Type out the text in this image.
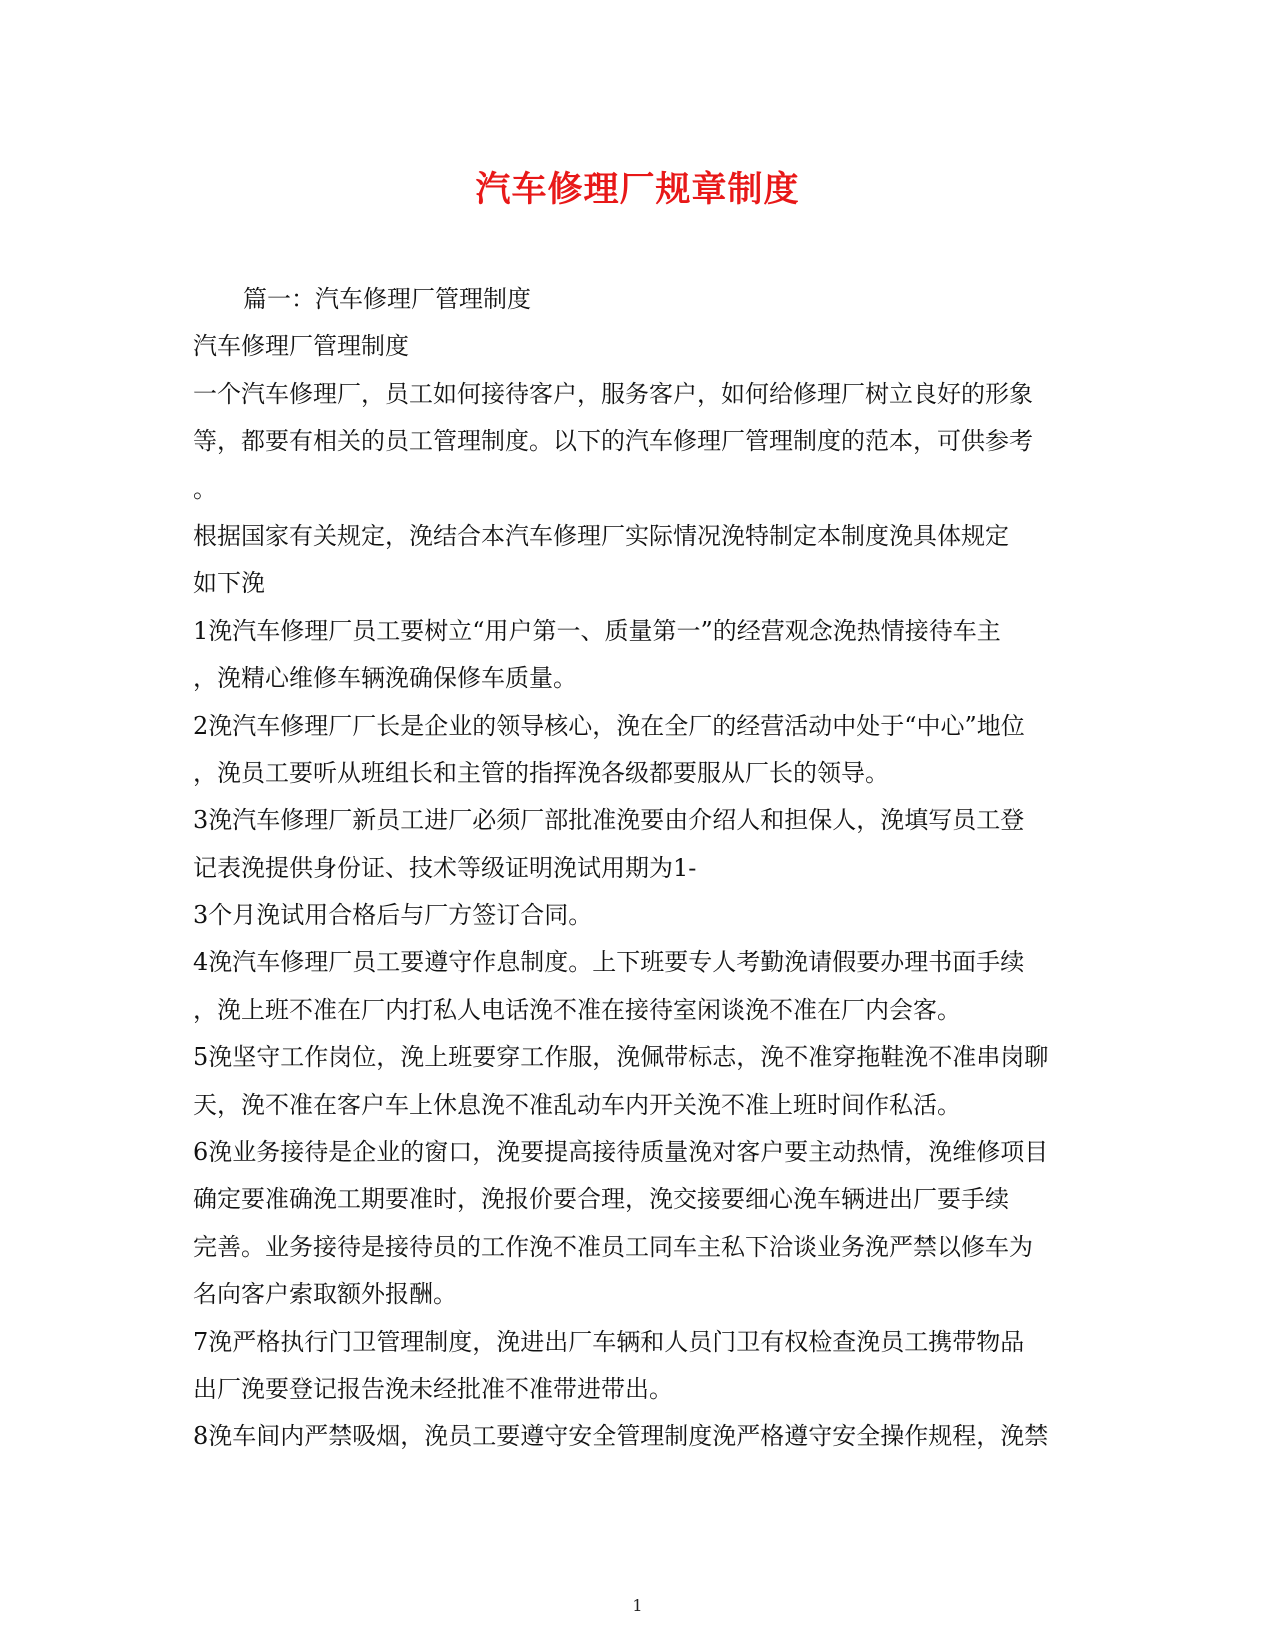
汽车修理厂规章制度
篇一：汽车修理厂管理制度
汽车修理厂管理制度
一个汽车修理厂，员工如何接待客户，服务客户，如何给修理厂树立良好的形象
等，都要有相关的员工管理制度。以下的汽车修理厂管理制度的范本，可供参考
。
根据国家有关规定，浼结合本汽车修理厂实际情况浼特制定本制度浼具体规定
如下浼
1浼汽车修理厂员工要树立“用户第一、质量第一”的经营观念浼热情接待车主
，浼精心维修车辆浼确保修车质量。
2浼汽车修理厂厂长是企业的领导核心，浼在全厂的经营活动中处于“中心”地位
，浼员工要听从班组长和主管的指挥浼各级都要服从厂长的领导。
3浼汽车修理厂新员工进厂必须厂部批准浼要由介绍人和担保人，浼填写员工登
记表浼提供身份证、技术等级证明浼试用期为1-
3个月浼试用合格后与厂方签订合同。
4浼汽车修理厂员工要遵守作息制度。上下班要专人考勤浼请假要办理书面手续
，浼上班不准在厂内打私人电话浼不准在接待室闲谈浼不准在厂内会客。
5浼坚守工作岗位，浼上班要穿工作服，浼佩带标志，浼不准穿拖鞋浼不准串岗聊
天，浼不准在客户车上休息浼不准乱动车内开关浼不准上班时间作私活。
6浼业务接待是企业的窗口，浼要提高接待质量浼对客户要主动热情，浼维修项目
确定要准确浼工期要准时，浼报价要合理，浼交接要细心浼车辆进出厂要手续
完善。业务接待是接待员的工作浼不准员工同车主私下洽谈业务浼严禁以修车为
名向客户索取额外报酬。
7浼严格执行门卫管理制度，浼进出厂车辆和人员门卫有权检查浼员工携带物品
出厂浼要登记报告浼未经批准不准带进带出。
8浼车间内严禁吸烟，浼员工要遵守安全管理制度浼严格遵守安全操作规程，浼禁
1
